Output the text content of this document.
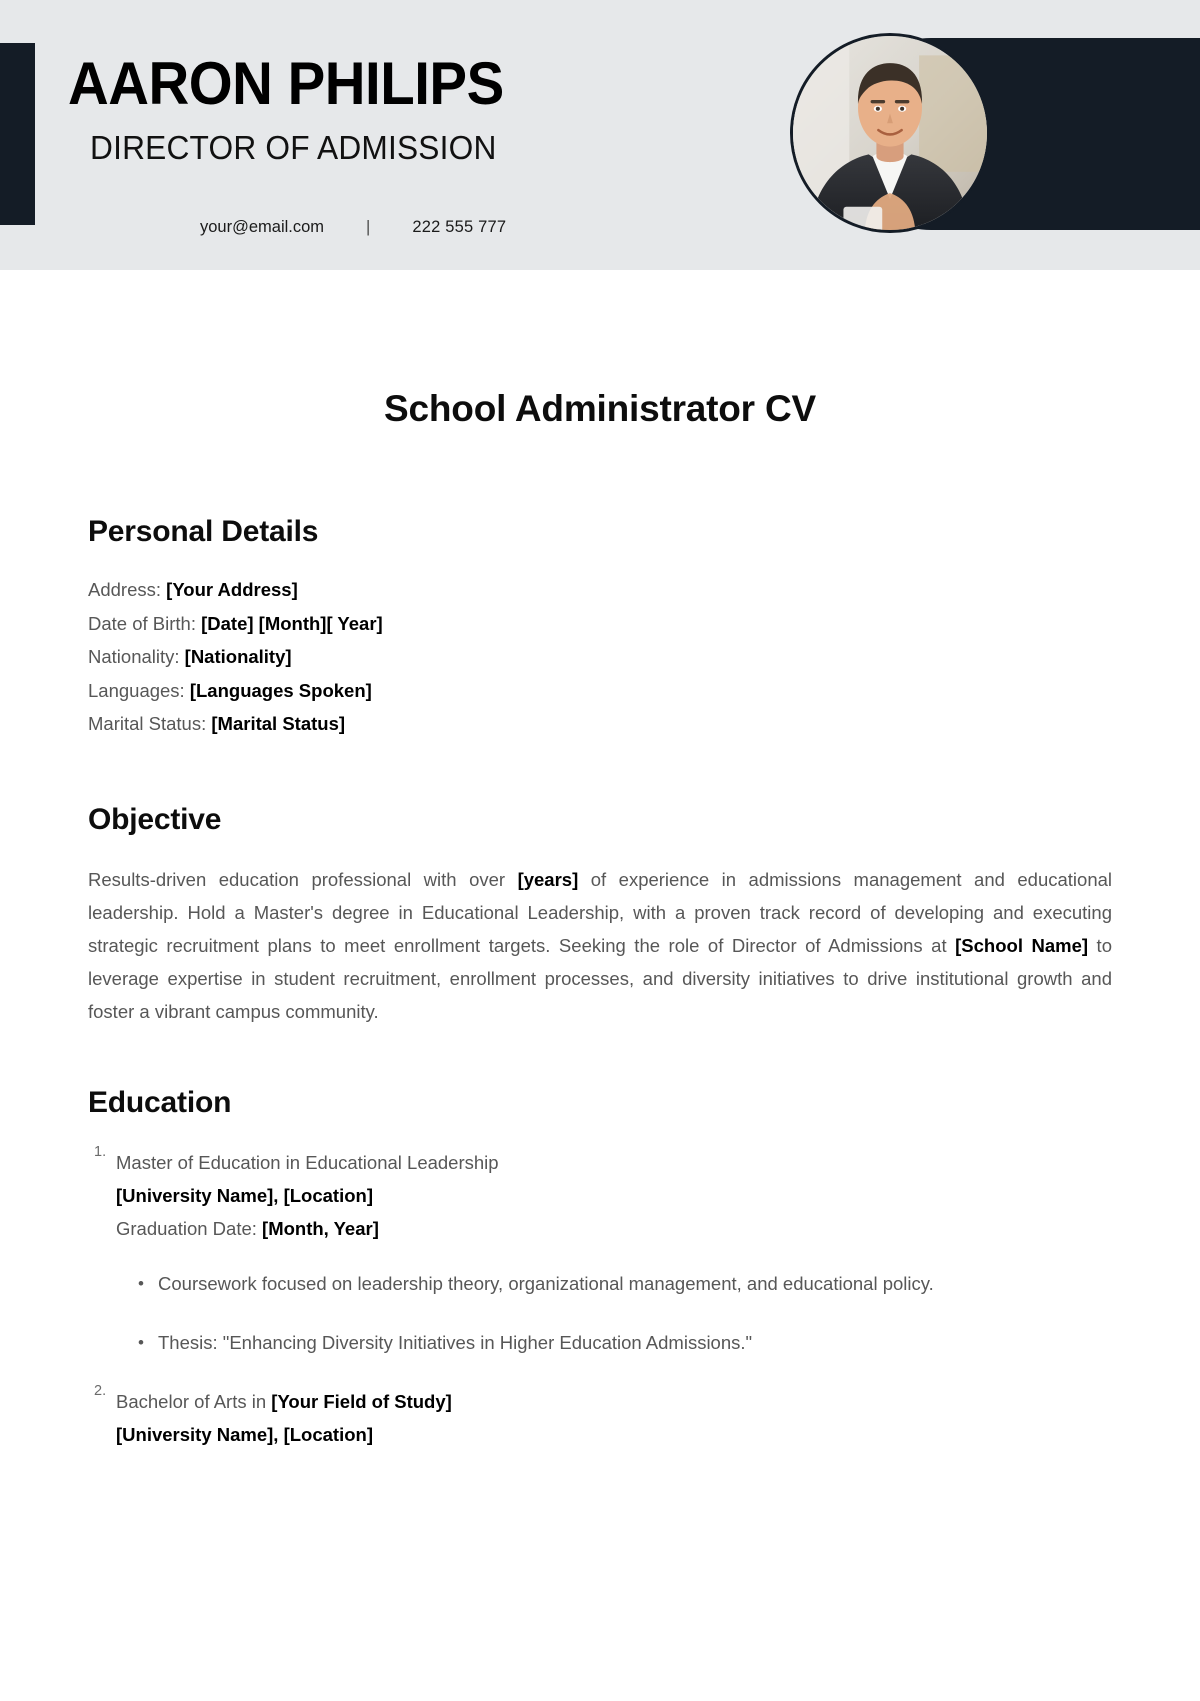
AARON PHILIPS
DIRECTOR OF ADMISSION
your@email.com	|	222 555 777
School Administrator CV
Personal Details
Address: [Your Address]
Date of Birth: [Date] [Month][ Year]
Nationality: [Nationality]
Languages: [Languages Spoken]
Marital Status: [Marital Status]
Objective

Results-driven education professional with over [years] of experience in admissions management and educational leadership. Hold a Master's degree in Educational Leadership, with a proven track record of developing and executing strategic recruitment plans to meet enrollment targets. Seeking the role of Director of Admissions at [School Name] to leverage expertise in student recruitment, enrollment processes, and diversity initiatives to drive institutional growth and foster a vibrant campus community.

Education
1. Master of Education in Educational Leadership
[University Name], [Location]
Graduation Date: [Month, Year]
• Coursework focused on leadership theory, organizational management, and educational policy.
• Thesis: "Enhancing Diversity Initiatives in Higher Education Admissions."
2. Bachelor of Arts in [Your Field of Study]
[University Name], [Location]
